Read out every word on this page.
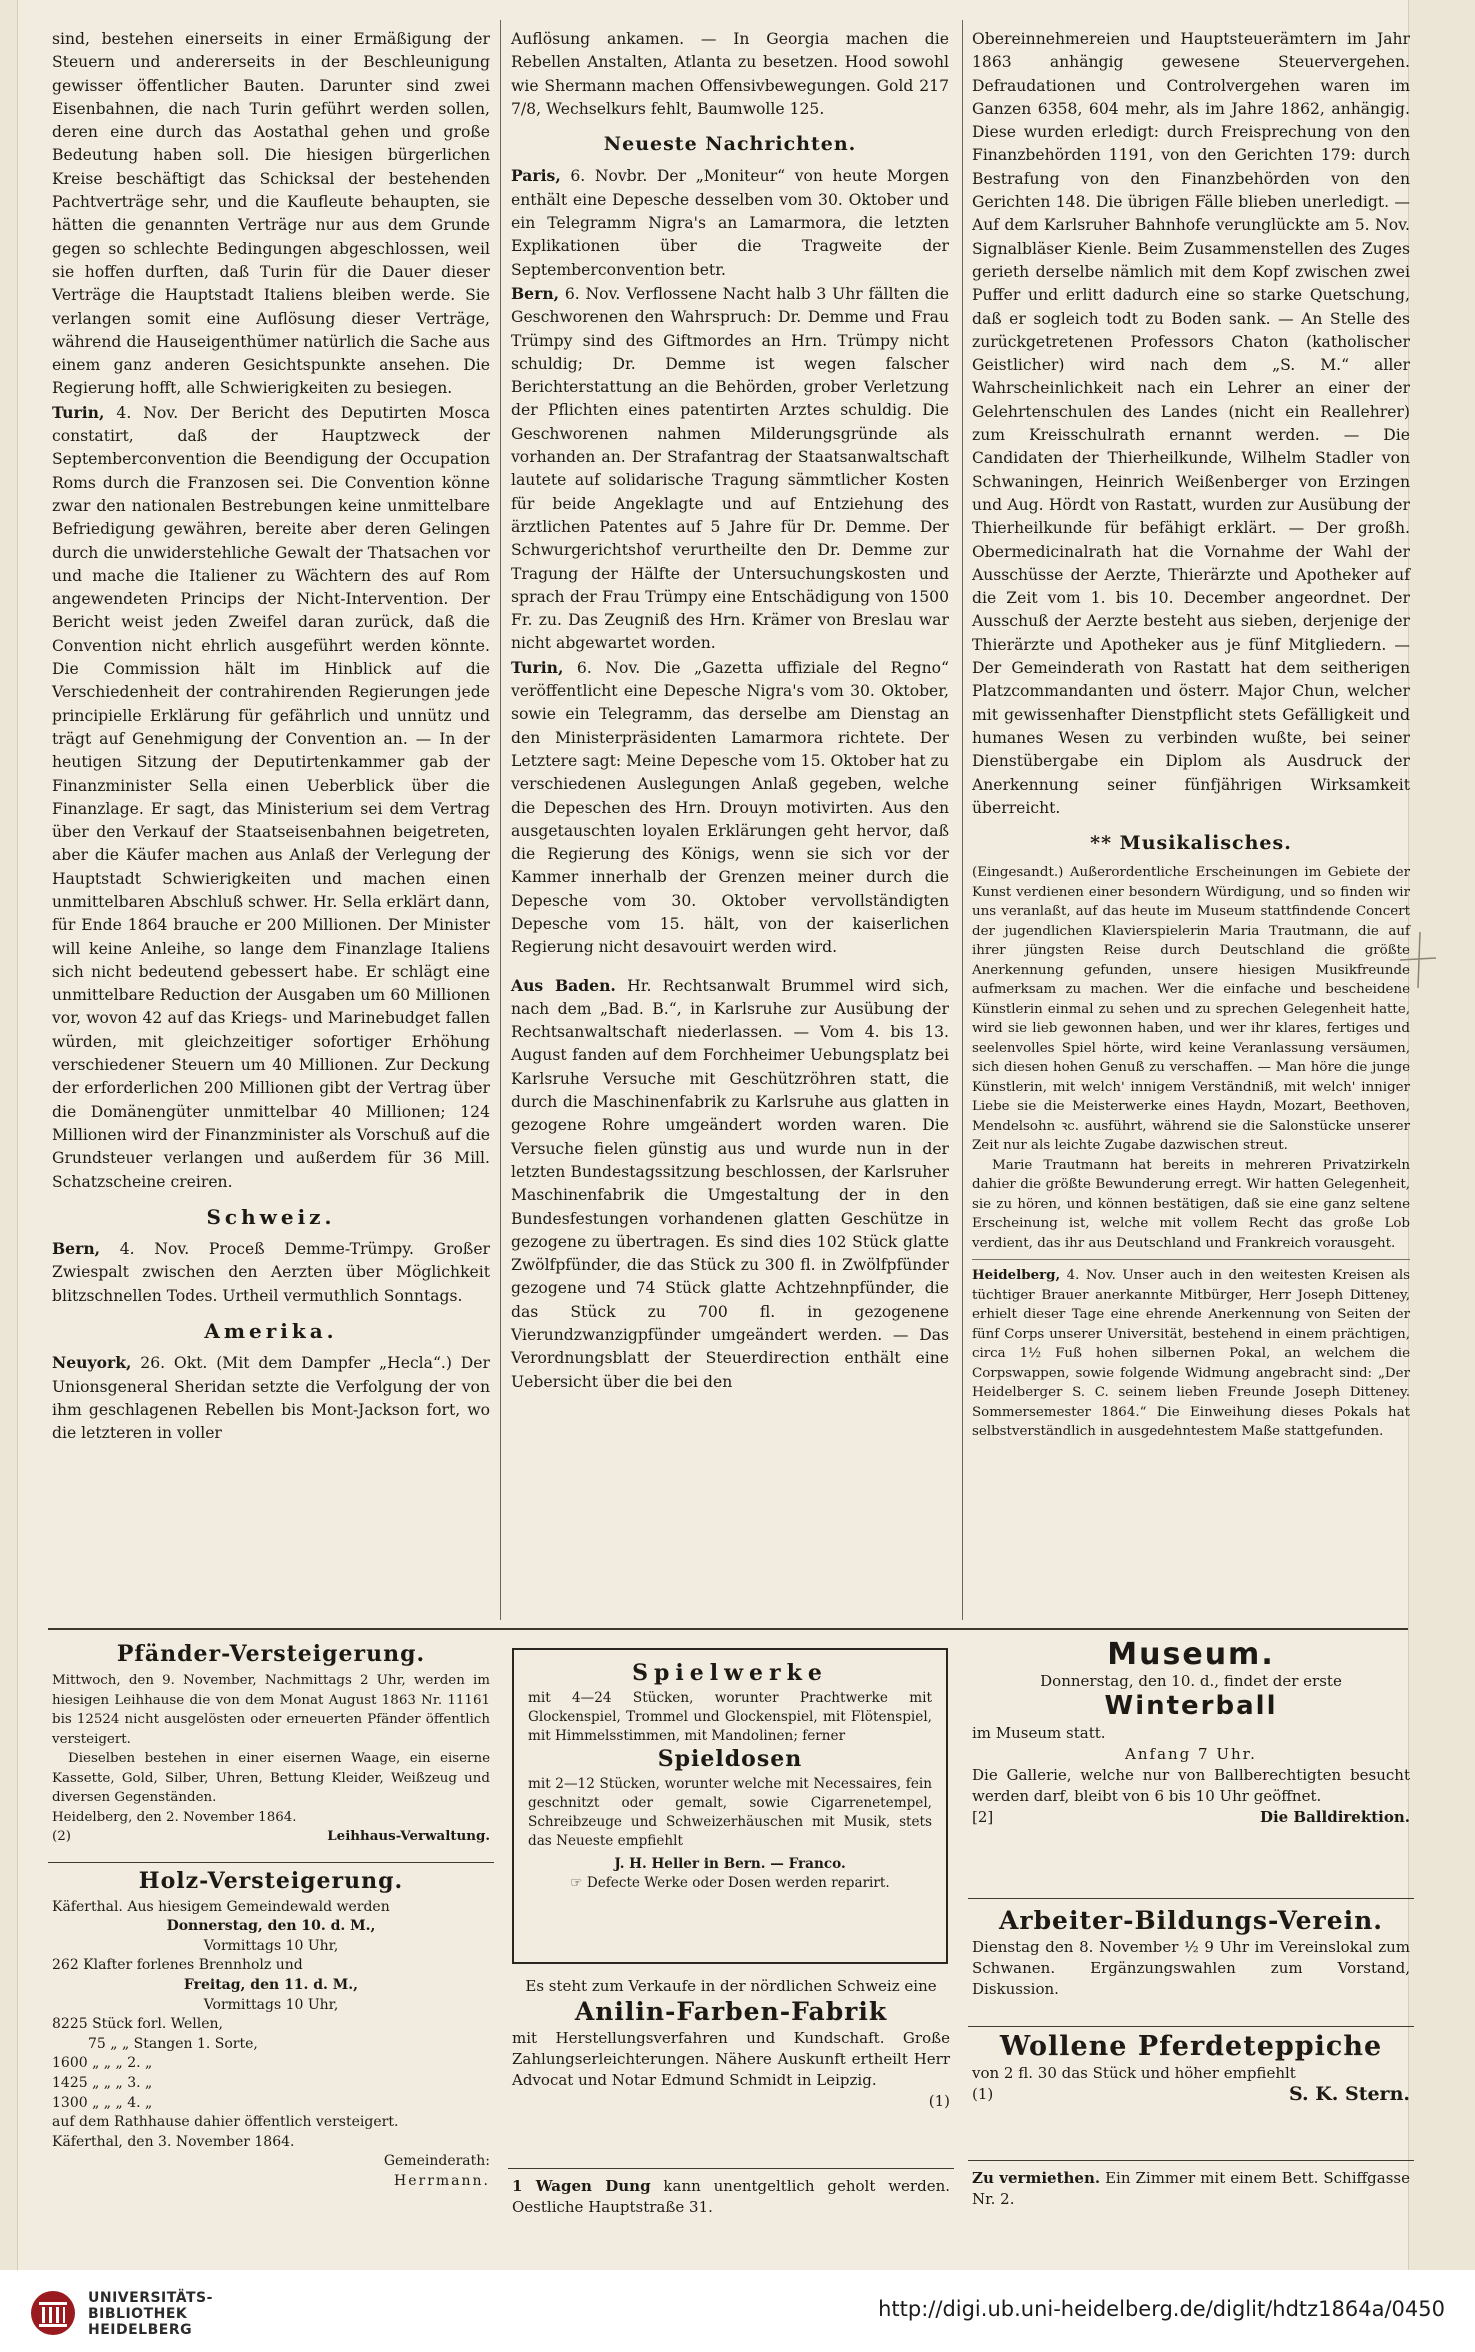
sind, bestehen einerseits in einer Ermäßigung der Steuern und andererseits in der Beschleunigung gewisser öffentlicher Bauten. Darunter sind zwei Eisenbahnen, die nach Turin geführt werden sollen, deren eine durch das Aostathal gehen und große Bedeutung haben soll. Die hiesigen bürgerlichen Kreise beschäftigt das Schicksal der bestehenden Pachtverträge sehr, und die Kaufleute behaupten, sie hätten die genannten Verträge nur aus dem Grunde gegen so schlechte Bedingungen abgeschlossen, weil sie hoffen durften, daß Turin für die Dauer dieser Verträge die Hauptstadt Italiens bleiben werde. Sie verlangen somit eine Auflösung dieser Verträge, während die Hauseigenthümer natürlich die Sache aus einem ganz anderen Gesichtspunkte ansehen. Die Regierung hofft, alle Schwierigkeiten zu besiegen.

Turin, 4. Nov. Der Bericht des Deputirten Mosca constatirt, daß der Hauptzweck der Septemberconvention die Beendigung der Occupation Roms durch die Franzosen sei. Die Convention könne zwar den nationalen Bestrebungen keine unmittelbare Befriedigung gewähren, bereite aber deren Gelingen durch die unwiderstehliche Gewalt der Thatsachen vor und mache die Italiener zu Wächtern des auf Rom angewendeten Princips der Nicht-Intervention. Der Bericht weist jeden Zweifel daran zurück, daß die Convention nicht ehrlich ausgeführt werden könnte. Die Commission hält im Hinblick auf die Verschiedenheit der contrahirenden Regierungen jede principielle Erklärung für gefährlich und unnütz und trägt auf Genehmigung der Convention an. — In der heutigen Sitzung der Deputirtenkammer gab der Finanzminister Sella einen Ueberblick über die Finanzlage. Er sagt, das Ministerium sei dem Vertrag über den Verkauf der Staatseisenbahnen beigetreten, aber die Käufer machen aus Anlaß der Verlegung der Hauptstadt Schwierigkeiten und machen einen unmittelbaren Abschluß schwer. Hr. Sella erklärt dann, für Ende 1864 brauche er 200 Millionen. Der Minister will keine Anleihe, so lange dem Finanzlage Italiens sich nicht bedeutend gebessert habe. Er schlägt eine unmittelbare Reduction der Ausgaben um 60 Millionen vor, wovon 42 auf das Kriegs- und Marinebudget fallen würden, mit gleichzeitiger sofortiger Erhöhung verschiedener Steuern um 40 Millionen. Zur Deckung der erforderlichen 200 Millionen gibt der Vertrag über die Domänengüter unmittelbar 40 Millionen; 124 Millionen wird der Finanzminister als Vorschuß auf die Grundsteuer verlangen und außerdem für 36 Mill. Schatzscheine creiren.

Schweiz.

Bern, 4. Nov. Proceß Demme-Trümpy. Großer Zwiespalt zwischen den Aerzten über Möglichkeit blitzschnellen Todes. Urtheil vermuthlich Sonntags.

Amerika.

Neuyork, 26. Okt. (Mit dem Dampfer „Hecla“.) Der Unionsgeneral Sheridan setzte die Verfolgung der von ihm geschlagenen Rebellen bis Mont-Jackson fort, wo die letzteren in voller

Auflösung ankamen. — In Georgia machen die Rebellen Anstalten, Atlanta zu besetzen. Hood sowohl wie Shermann machen Offensivbewegungen. Gold 217 7/8, Wechselkurs fehlt, Baumwolle 125.

Neueste Nachrichten.

Paris, 6. Novbr. Der „Moniteur“ von heute Morgen enthält eine Depesche desselben vom 30. Oktober und ein Telegramm Nigra's an Lamarmora, die letzten Explikationen über die Tragweite der Septemberconvention betr.

Bern, 6. Nov. Verflossene Nacht halb 3 Uhr fällten die Geschworenen den Wahrspruch: Dr. Demme und Frau Trümpy sind des Giftmordes an Hrn. Trümpy nicht schuldig; Dr. Demme ist wegen falscher Berichterstattung an die Behörden, grober Verletzung der Pflichten eines patentirten Arztes schuldig. Die Geschworenen nahmen Milderungsgründe als vorhanden an. Der Strafantrag der Staatsanwaltschaft lautete auf solidarische Tragung sämmtlicher Kosten für beide Angeklagte und auf Entziehung des ärztlichen Patentes auf 5 Jahre für Dr. Demme. Der Schwurgerichtshof verurtheilte den Dr. Demme zur Tragung der Hälfte der Untersuchungskosten und sprach der Frau Trümpy eine Entschädigung von 1500 Fr. zu. Das Zeugniß des Hrn. Krämer von Breslau war nicht abgewartet worden.

Turin, 6. Nov. Die „Gazetta uffiziale del Regno“ veröffentlicht eine Depesche Nigra's vom 30. Oktober, sowie ein Telegramm, das derselbe am Dienstag an den Ministerpräsidenten Lamarmora richtete. Der Letztere sagt: Meine Depesche vom 15. Oktober hat zu verschiedenen Auslegungen Anlaß gegeben, welche die Depeschen des Hrn. Drouyn motivirten. Aus den ausgetauschten loyalen Erklärungen geht hervor, daß die Regierung des Königs, wenn sie sich vor der Kammer innerhalb der Grenzen meiner durch die Depesche vom 30. Oktober vervollständigten Depesche vom 15. hält, von der kaiserlichen Regierung nicht desavouirt werden wird.

Aus Baden. Hr. Rechtsanwalt Brummel wird sich, nach dem „Bad. B.“, in Karlsruhe zur Ausübung der Rechtsanwaltschaft niederlassen. — Vom 4. bis 13. August fanden auf dem Forchheimer Uebungsplatz bei Karlsruhe Versuche mit Geschützröhren statt, die durch die Maschinenfabrik zu Karlsruhe aus glatten in gezogene Rohre umgeändert worden waren. Die Versuche fielen günstig aus und wurde nun in der letzten Bundestagssitzung beschlossen, der Karlsruher Maschinenfabrik die Umgestaltung der in den Bundesfestungen vorhandenen glatten Geschütze in gezogene zu übertragen. Es sind dies 102 Stück glatte Zwölfpfünder, die das Stück zu 300 fl. in Zwölfpfünder gezogene und 74 Stück glatte Achtzehnpfünder, die das Stück zu 700 fl. in gezogenene Vierundzwanzigpfünder umgeändert werden. — Das Verordnungsblatt der Steuerdirection enthält eine Uebersicht über die bei den

Obereinnehmereien und Hauptsteuerämtern im Jahr 1863 anhängig gewesene Steuervergehen. Defraudationen und Controlvergehen waren im Ganzen 6358, 604 mehr, als im Jahre 1862, anhängig. Diese wurden erledigt: durch Freisprechung von den Finanzbehörden 1191, von den Gerichten 179: durch Bestrafung von den Finanzbehörden von den Gerichten 148. Die übrigen Fälle blieben unerledigt. — Auf dem Karlsruher Bahnhofe verunglückte am 5. Nov. Signalbläser Kienle. Beim Zusammenstellen des Zuges gerieth derselbe nämlich mit dem Kopf zwischen zwei Puffer und erlitt dadurch eine so starke Quetschung, daß er sogleich todt zu Boden sank. — An Stelle des zurückgetretenen Professors Chaton (katholischer Geistlicher) wird nach dem „S. M.“ aller Wahrscheinlichkeit nach ein Lehrer an einer der Gelehrtenschulen des Landes (nicht ein Reallehrer) zum Kreisschulrath ernannt werden. — Die Candidaten der Thierheilkunde, Wilhelm Stadler von Schwaningen, Heinrich Weißenberger von Erzingen und Aug. Hördt von Rastatt, wurden zur Ausübung der Thierheilkunde für befähigt erklärt. — Der großh. Obermedicinalrath hat die Vornahme der Wahl der Ausschüsse der Aerzte, Thierärzte und Apotheker auf die Zeit vom 1. bis 10. December angeordnet. Der Ausschuß der Aerzte besteht aus sieben, derjenige der Thierärzte und Apotheker aus je fünf Mitgliedern. — Der Gemeinderath von Rastatt hat dem seitherigen Platzcommandanten und österr. Major Chun, welcher mit gewissenhafter Dienstpflicht stets Gefälligkeit und humanes Wesen zu verbinden wußte, bei seiner Dienstübergabe ein Diplom als Ausdruck der Anerkennung seiner fünfjährigen Wirksamkeit überreicht.

** Musikalisches.

(Eingesandt.) Außerordentliche Erscheinungen im Gebiete der Kunst verdienen einer besondern Würdigung, und so finden wir uns veranlaßt, auf das heute im Museum stattfindende Concert der jugendlichen Klavierspielerin Maria Trautmann, die auf ihrer jüngsten Reise durch Deutschland die größte Anerkennung gefunden, unsere hiesigen Musikfreunde aufmerksam zu machen. Wer die einfache und bescheidene Künstlerin einmal zu sehen und zu sprechen Gelegenheit hatte, wird sie lieb gewonnen haben, und wer ihr klares, fertiges und seelenvolles Spiel hörte, wird keine Veranlassung versäumen, sich diesen hohen Genuß zu verschaffen. — Man höre die junge Künstlerin, mit welch' innigem Verständniß, mit welch' inniger Liebe sie die Meisterwerke eines Haydn, Mozart, Beethoven, Mendelsohn ꝛc. ausführt, während sie die Salonstücke unserer Zeit nur als leichte Zugabe dazwischen streut.

Marie Trautmann hat bereits in mehreren Privatzirkeln dahier die größte Bewunderung erregt. Wir hatten Gelegenheit, sie zu hören, und können bestätigen, daß sie eine ganz seltene Erscheinung ist, welche mit vollem Recht das große Lob verdient, das ihr aus Deutschland und Frankreich vorausgeht.

Heidelberg, 4. Nov. Unser auch in den weitesten Kreisen als tüchtiger Brauer anerkannte Mitbürger, Herr Joseph Ditteney, erhielt dieser Tage eine ehrende Anerkennung von Seiten der fünf Corps unserer Universität, bestehend in einem prächtigen, circa 1½ Fuß hohen silbernen Pokal, an welchem die Corpswappen, sowie folgende Widmung angebracht sind: „Der Heidelberger S. C. seinem lieben Freunde Joseph Ditteney. Sommersemester 1864.“ Die Einweihung dieses Pokals hat selbstverständlich in ausgedehntestem Maße stattgefunden.

Pfänder-Versteigerung.

Mittwoch, den 9. November, Nachmittags 2 Uhr, werden im hiesigen Leihhause die von dem Monat August 1863 Nr. 11161 bis 12524 nicht ausgelösten oder erneuerten Pfänder öffentlich versteigert.

Dieselben bestehen in einer eisernen Waage, ein eiserne Kassette, Gold, Silber, Uhren, Bettung Kleider, Weißzeug und diversen Gegenständen.

Heidelberg, den 2. November 1864.

(2)	Leihhaus-Verwaltung.

Holz-Versteigerung.

Käferthal. Aus hiesigem Gemeindewald werden

Donnerstag, den 10. d. M.,

Vormittags 10 Uhr,

262 Klafter forlenes Brennholz und

Freitag, den 11. d. M.,

Vormittags 10 Uhr,

8225 Stück forl. Wellen,

75 „ „ Stangen 1. Sorte,

1600 „ „ „ 2. „

1425 „ „ „ 3. „

1300 „ „ „ 4. „

auf dem Rathhause dahier öffentlich versteigert.

Käferthal, den 3. November 1864.

Gemeinderath:

Herrmann.

Spielwerke

mit 4—24 Stücken, worunter Prachtwerke mit Glockenspiel, Trommel und Glockenspiel, mit Flötenspiel, mit Himmelsstimmen, mit Mandolinen; ferner

Spieldosen

mit 2—12 Stücken, worunter welche mit Necessaires, fein geschnitzt oder gemalt, sowie Cigarrenetempel, Schreibzeuge und Schweizerhäuschen mit Musik, stets das Neueste empfiehlt

J. H. Heller in Bern. — Franco.

☞ Defecte Werke oder Dosen werden reparirt.

Es steht zum Verkaufe in der nördlichen Schweiz eine

Anilin-Farben-Fabrik

mit Herstellungsverfahren und Kundschaft. Große Zahlungserleichterungen. Nähere Auskunft ertheilt Herr Advocat und Notar Edmund Schmidt in Leipzig.

(1)

1 Wagen Dung kann unentgeltlich geholt werden. Oestliche Hauptstraße 31.

Museum.

Donnerstag, den 10. d., findet der erste

Winterball

im Museum statt.

Anfang 7 Uhr.

Die Gallerie, welche nur von Ballberechtigten besucht werden darf, bleibt von 6 bis 10 Uhr geöffnet.

[2]	Die Balldirektion.

Arbeiter-Bildungs-Verein.

Dienstag den 8. November ½ 9 Uhr im Vereinslokal zum Schwanen. Ergänzungswahlen zum Vorstand, Diskussion.

Wollene Pferdeteppiche

von 2 fl. 30 das Stück und höher empfiehlt

(1)	S. K. Stern.

Zu vermiethen. Ein Zimmer mit einem Bett. Schiffgasse Nr. 2.

UNIVERSITÄTS-
BIBLIOTHEK
HEIDELBERG
http://digi.ub.uni-heidelberg.de/diglit/hdtz1864a/0450
